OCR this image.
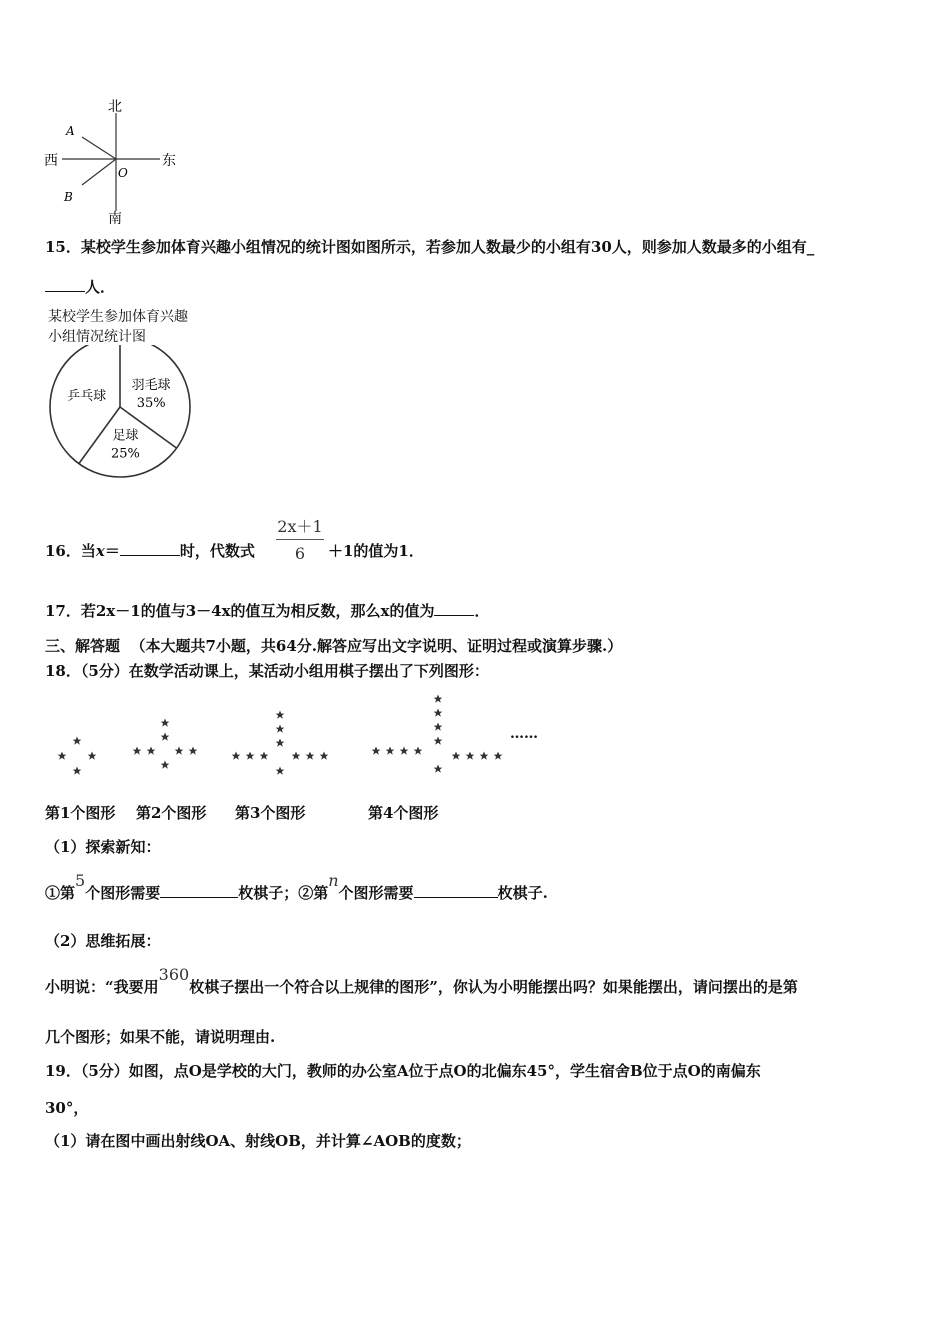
北
南
西	东
A
B
O
15．某校学生参加体育兴趣小组情况的统计图如图所示，若参加人数最少的小组有30人，则参加人数最多的小组有_
人．
某校学生参加体育兴趣
小组情况统计图
乒乓球
羽毛球
35%
足球
25%
16．当x＝	时，代数式 $\frac{2x+1}{6} +1$的值为1．
17．若2x－1的值与3－4x的值互为相反数，那么x的值为	．
三、解答题 （本大题共7小题，共64分.解答应写出文字说明、证明过程或演算步骤.）
18．（5分）在数学活动课上，某活动小组用棋子摆出了下列图形：
……
第1个图形 第2个图形 第3个图形	第4个图形
（1）探索新知：
①第5个图形需要	枚棋子；②第n个图形需要	枚棋子.
（2）思维拓展：
小明说：“我要用360枚棋子摆出一个符合以上规律的图形”，你认为小明能摆出吗？如果能摆出，请问摆出的是第
几个图形；如果不能，请说明理由.
19．（5分）如图，点O是学校的大门，教师的办公室A位于点O的北偏东45°，学生宿舍B位于点O的南偏东
30°，
（1）请在图中画出射线OA、射线OB，并计算∠AOB的度数；
